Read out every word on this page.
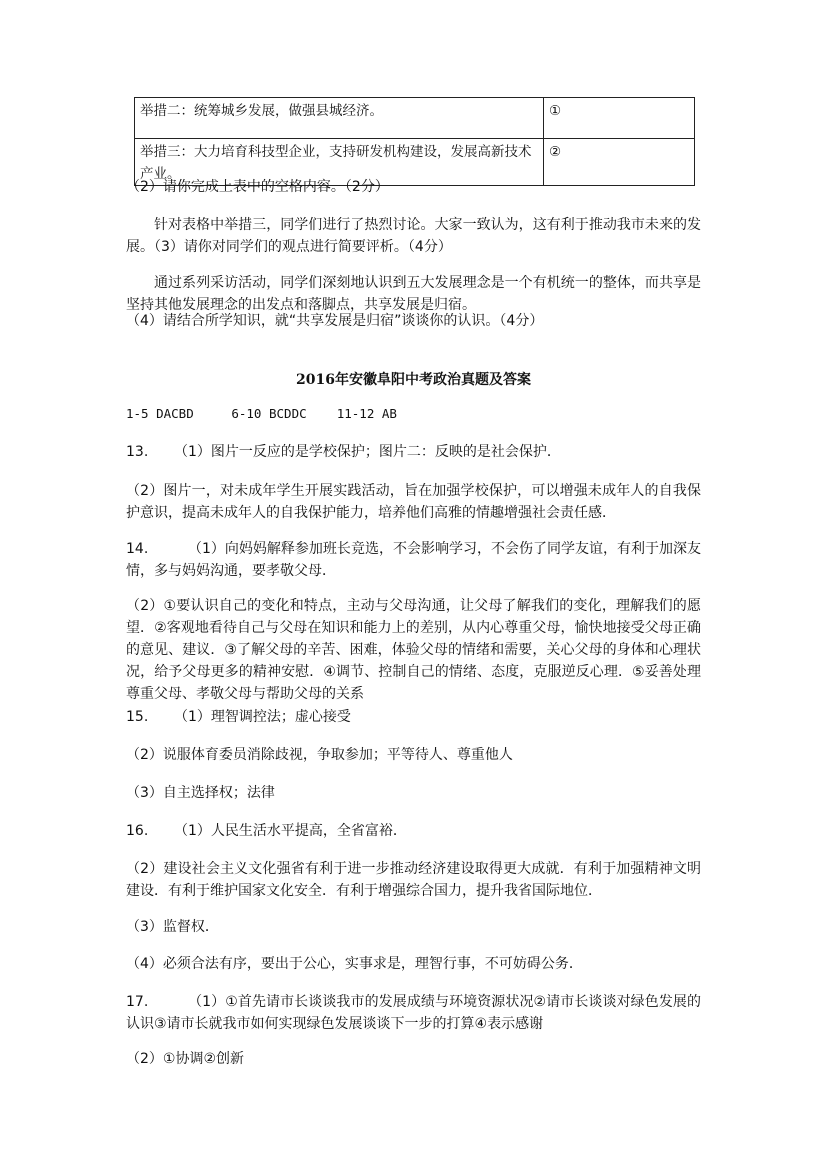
举措二：统筹城乡发展，做强县城经济。	①
举措三：大力培育科技型企业，支持研发机构建设，发展高新技术产业。	②

（2）请你完成上表中的空格内容。（2分）

针对表格中举措三，同学们进行了热烈讨论。大家一致认为，这有利于推动我市未来的发展。（3）请你对同学们的观点进行简要评析。（4分）

通过系列采访活动，同学们深刻地认识到五大发展理念是一个有机统一的整体，而共享是坚持其他发展理念的出发点和落脚点，共享发展是归宿。

（4）请结合所学知识，就“共享发展是归宿”谈谈你的认识。（4分）

2016年安徽阜阳中考政治真题及答案

1-5 DACBD     6-10 BCDDC    11-12 AB

13. （1）图片一反应的是学校保护；图片二：反映的是社会保护．

（2）图片一，对未成年学生开展实践活动，旨在加强学校保护，可以增强未成年人的自我保护意识，提高未成年人的自我保护能力，培养他们高雅的情趣增强社会责任感．

14.	（1）向妈妈解释参加班长竞选，不会影响学习，不会伤了同学友谊，有利于加深友情，多与妈妈沟通，要孝敬父母．

（2）①要认识自己的变化和特点，主动与父母沟通，让父母了解我们的变化，理解我们的愿望．②客观地看待自己与父母在知识和能力上的差别，从内心尊重父母，愉快地接受父母正确的意见、建议．③了解父母的辛苦、困难，体验父母的情绪和需要，关心父母的身体和心理状况，给予父母更多的精神安慰．④调节、控制自己的情绪、态度，克服逆反心理．⑤妥善处理尊重父母、孝敬父母与帮助父母的关系

15. （1）理智调控法；虚心接受

（2）说服体育委员消除歧视，争取参加；平等待人、尊重他人

（3）自主选择权；法律

16. （1）人民生活水平提高，全省富裕．

（2）建设社会主义文化强省有利于进一步推动经济建设取得更大成就．有利于加强精神文明建设．有利于维护国家文化安全．有利于增强综合国力，提升我省国际地位．

（3）监督权．

（4）必须合法有序，要出于公心，实事求是，理智行事，不可妨碍公务．

17.	（1）①首先请市长谈谈我市的发展成绩与环境资源状况②请市长谈谈对绿色发展的认识③请市长就我市如何实现绿色发展谈谈下一步的打算④表示感谢

（2）①协调②创新
